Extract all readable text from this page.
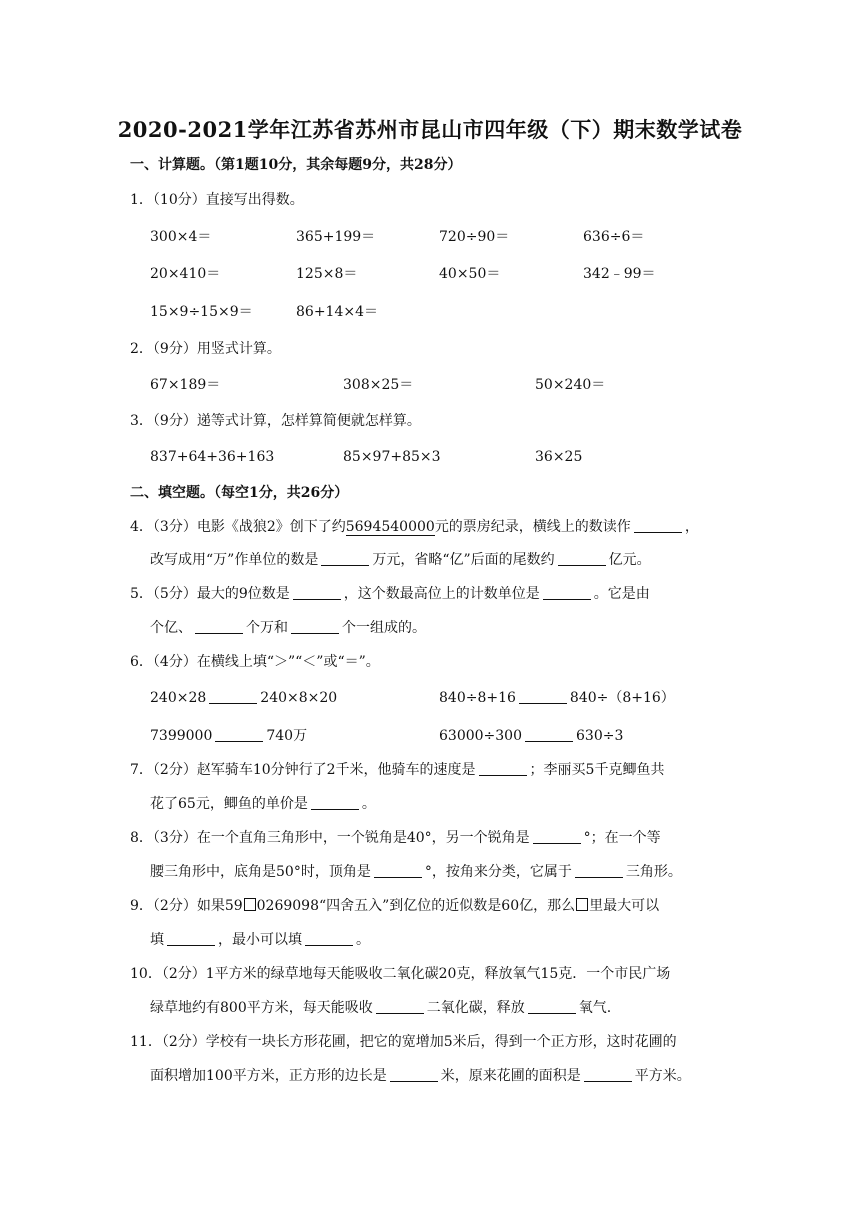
2020-2021学年江苏省苏州市昆山市四年级（下）期末数学试卷
一、计算题。（第1题10分，其余每题9分，共28分）
1．（10分）直接写出得数。
300×4＝	365+199＝	720÷90＝	636÷6＝
20×410＝	125×8＝	40×50＝	342﹣99＝
15×9÷15×9＝	86+14×4＝
2．（9分）用竖式计算。
67×189＝	308×25＝	50×240＝
3．（9分）递等式计算，怎样算简便就怎样算。
837+64+36+163	85×97+85×3	36×25
二、填空题。（每空1分，共26分）
4．（3分）电影《战狼2》创下了约5694540000元的票房纪录，横线上的数读作	，
改写成用“万”作单位的数是	万元，省略“亿”后面的尾数约	亿元。
5．（5分）最大的9位数是	，这个数最高位上的计数单位是	。它是由
个亿、	个万和	个一组成的。
6．（4分）在横线上填“＞”“＜”或“＝”。
240×28	240×8×20	840÷8+16	840÷（8+16）
7399000	740万	63000÷300	630÷3
7．（2分）赵军骑车10分钟行了2千米，他骑车的速度是	；李丽买5千克鲫鱼共
花了65元，鲫鱼的单价是	。
8．（3分）在一个直角三角形中，一个锐角是40°，另一个锐角是	°；在一个等
腰三角形中，底角是50°时，顶角是	°，按角来分类，它属于	三角形。
9．（2分）如果59 0269098“四舍五入”到亿位的近似数是60亿，那么 里最大可以
填	，最小可以填	。
10．（2分）1平方米的绿草地每天能吸收二氧化碳20克，释放氧气15克．一个市民广场
绿草地约有800平方米，每天能吸收	二氧化碳，释放	氧气.
11．（2分）学校有一块长方形花圃，把它的宽增加5米后，得到一个正方形，这时花圃的
面积增加100平方米，正方形的边长是	米，原来花圃的面积是	平方米。
